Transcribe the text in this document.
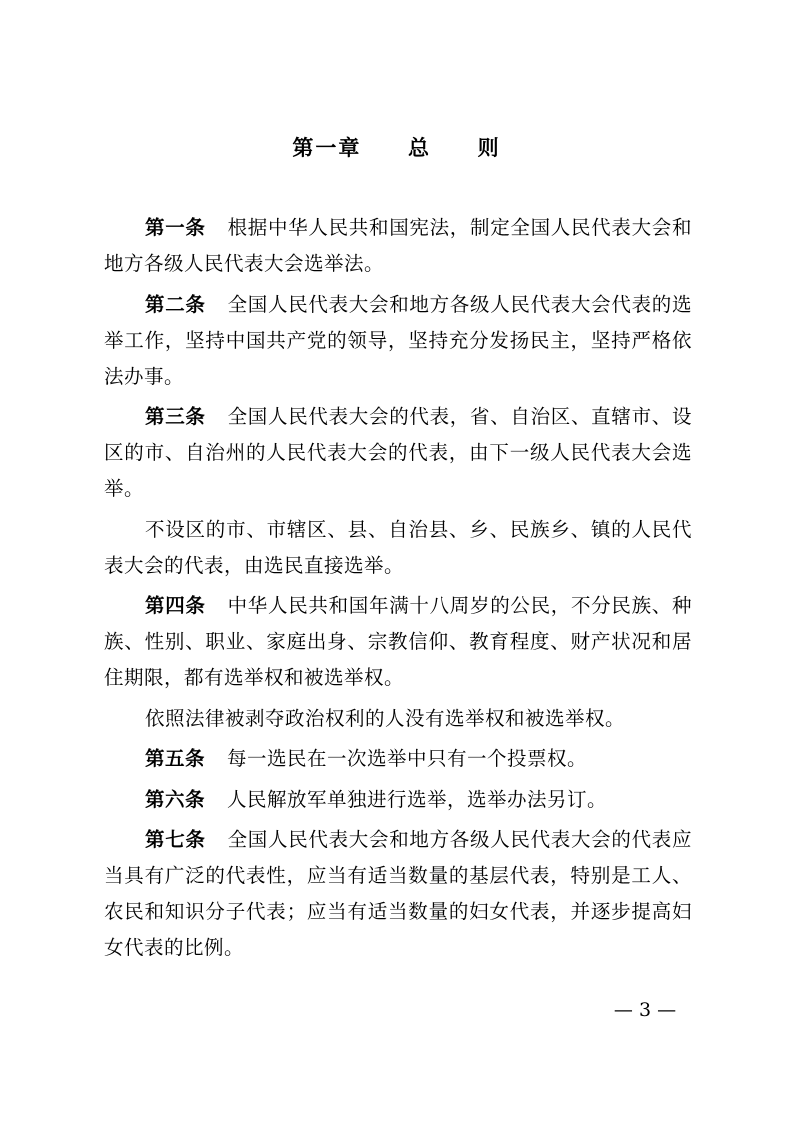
第一章  总  则

第一条 根据中华人民共和国宪法，制定全国人民代表大会和地方各级人民代表大会选举法。

第二条 全国人民代表大会和地方各级人民代表大会代表的选举工作，坚持中国共产党的领导，坚持充分发扬民主，坚持严格依法办事。

第三条 全国人民代表大会的代表，省、自治区、直辖市、设区的市、自治州的人民代表大会的代表，由下一级人民代表大会选举。

不设区的市、市辖区、县、自治县、乡、民族乡、镇的人民代表大会的代表，由选民直接选举。

第四条 中华人民共和国年满十八周岁的公民，不分民族、种族、性别、职业、家庭出身、宗教信仰、教育程度、财产状况和居住期限，都有选举权和被选举权。

依照法律被剥夺政治权利的人没有选举权和被选举权。

第五条 每一选民在一次选举中只有一个投票权。

第六条 人民解放军单独进行选举，选举办法另订。

第七条 全国人民代表大会和地方各级人民代表大会的代表应当具有广泛的代表性，应当有适当数量的基层代表，特别是工人、农民和知识分子代表；应当有适当数量的妇女代表，并逐步提高妇女代表的比例。

— 3 —
